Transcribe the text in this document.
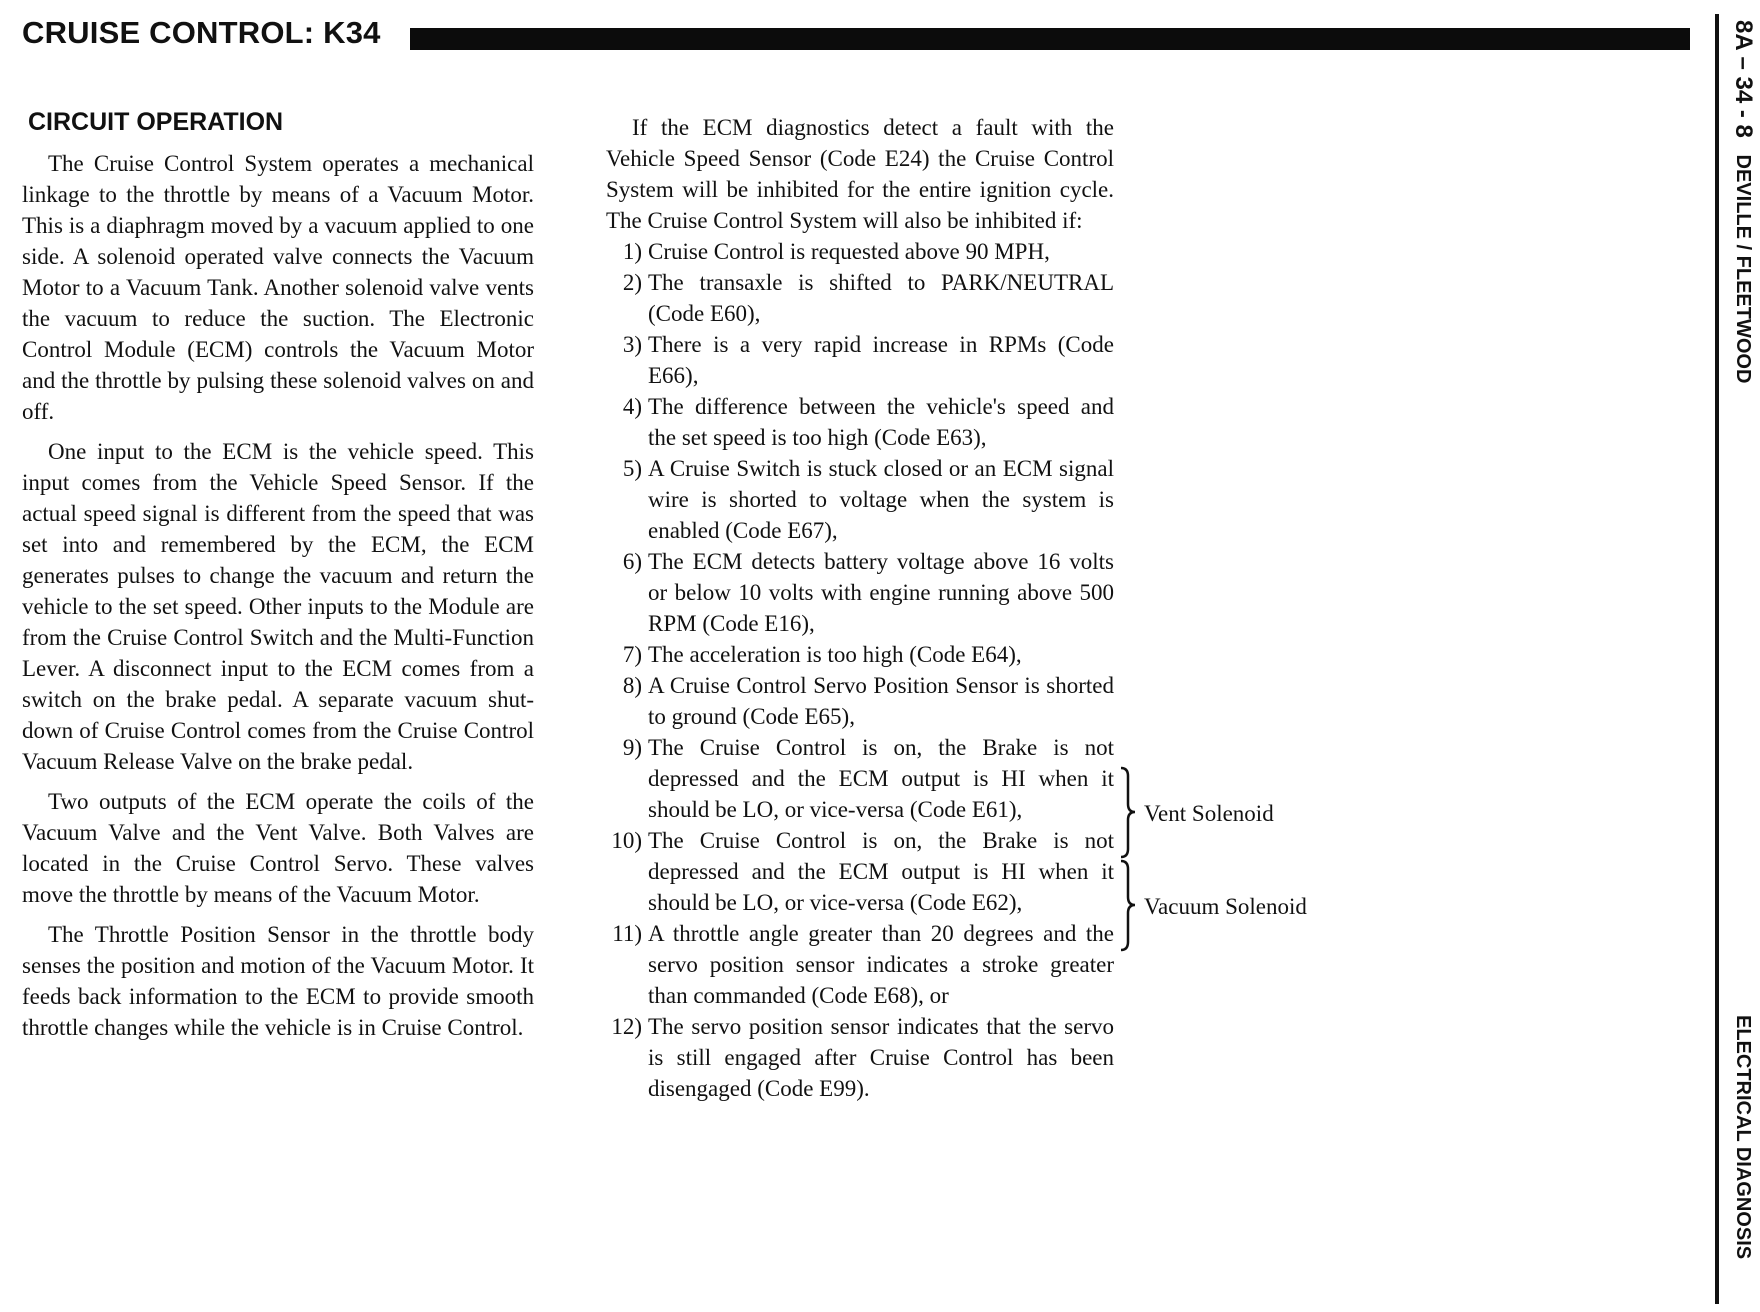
CRUISE CONTROL: K34	8A – 34 - 8   DEVILLE / FLEETWOOD
ELECTRICAL DIAGNOSIS
CIRCUIT OPERATION

The Cruise Control System operates a mechanical linkage to the throttle by means of a Vacuum Motor. This is a diaphragm moved by a vacuum applied to one side. A solenoid operated valve connects the Vacuum Motor to a Vacuum Tank. Another solenoid valve vents the vacuum to reduce the suction. The Electronic Control Module (ECM) controls the Vacuum Motor and the throttle by pulsing these solenoid valves on and off.

One input to the ECM is the vehicle speed. This input comes from the Vehicle Speed Sensor. If the actual speed signal is different from the speed that was set into and remembered by the ECM, the ECM generates pulses to change the vacuum and return the vehicle to the set speed. Other inputs to the Module are from the Cruise Control Switch and the Multi-Function Lever. A disconnect input to the ECM comes from a switch on the brake pedal. A separate vacuum shut-down of Cruise Control comes from the Cruise Control Vacuum Release Valve on the brake pedal.

Two outputs of the ECM operate the coils of the Vacuum Valve and the Vent Valve. Both Valves are located in the Cruise Control Servo. These valves move the throttle by means of the Vacuum Motor.

The Throttle Position Sensor in the throttle body senses the position and motion of the Vacuum Motor. It feeds back information to the ECM to provide smooth throttle changes while the vehicle is in Cruise Control.

If the ECM diagnostics detect a fault with the Vehicle Speed Sensor (Code E24) the Cruise Control System will be inhibited for the entire ignition cycle. The Cruise Control System will also be inhibited if:

1) Cruise Control is requested above 90 MPH,
2) The transaxle is shifted to PARK/NEUTRAL (Code E60),
3) There is a very rapid increase in RPMs (Code E66),
4) The difference between the vehicle's speed and the set speed is too high (Code E63),
5) A Cruise Switch is stuck closed or an ECM signal wire is shorted to voltage when the system is enabled (Code E67),
6) The ECM detects battery voltage above 16 volts or below 10 volts with engine running above 500 RPM (Code E16),
7) The acceleration is too high (Code E64),
8) A Cruise Control Servo Position Sensor is shorted to ground (Code E65),
9) The Cruise Control is on, the Brake is not depressed and the ECM output is HI when it should be LO, or vice-versa (Code E61),
10) The Cruise Control is on, the Brake is not depressed and the ECM output is HI when it should be LO, or vice-versa (Code E62),
11) A throttle angle greater than 20 degrees and the servo position sensor indicates a stroke greater than commanded (Code E68), or
12) The servo position sensor indicates that the servo is still engaged after Cruise Control has been disengaged (Code E99).
Vent Solenoid
Vacuum Solenoid
